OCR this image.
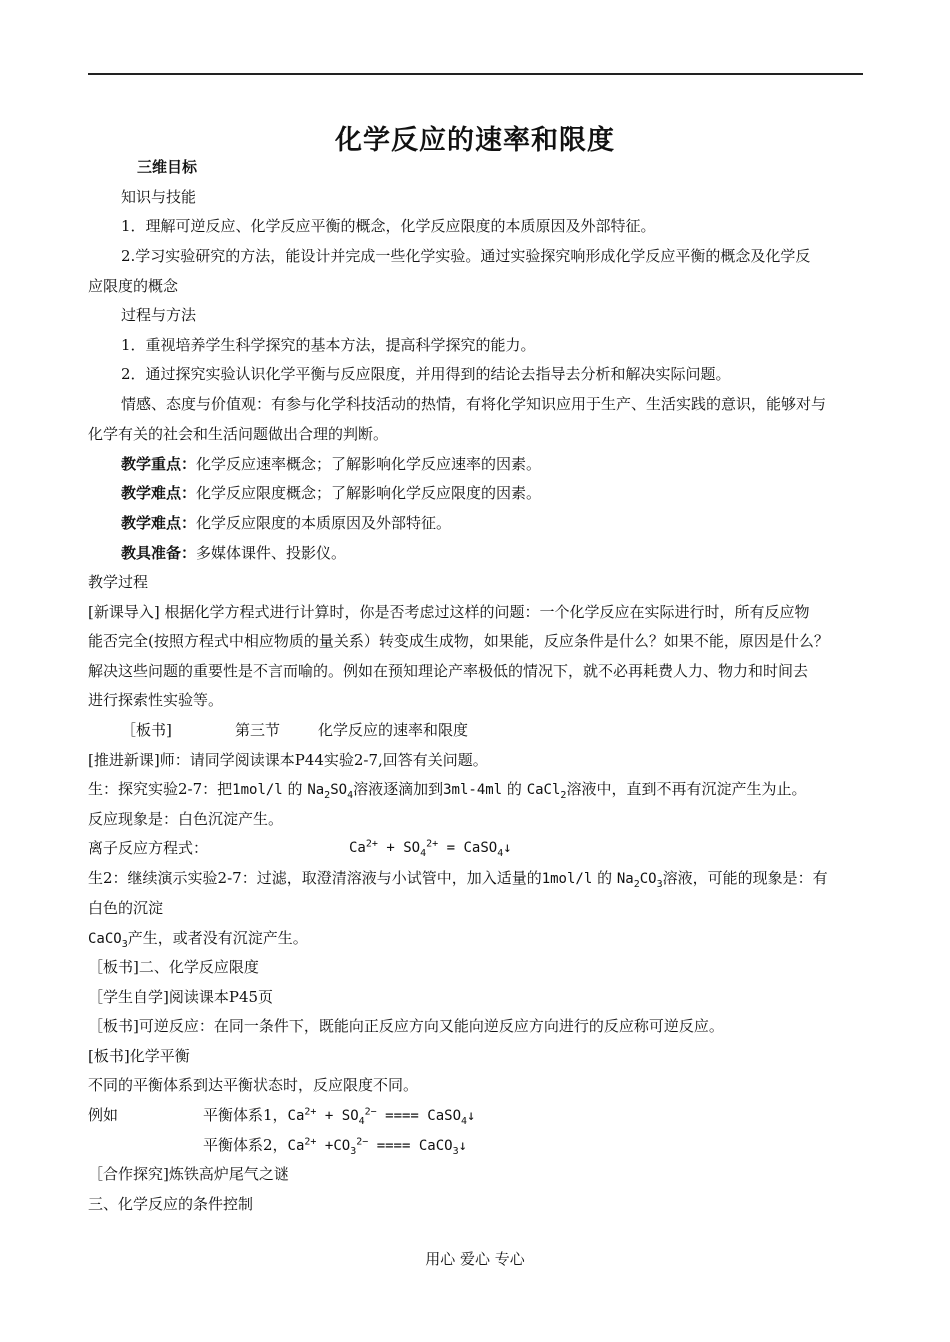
化学反应的速率和限度
三维目标
知识与技能
1．理解可逆反应、化学反应平衡的概念，化学反应限度的本质原因及外部特征。
2.学习实验研究的方法，能设计并完成一些化学实验。通过实验探究响形成化学反应平衡的概念及化学反
应限度的概念
过程与方法
1．重视培养学生科学探究的基本方法，提高科学探究的能力。
2．通过探究实验认识化学平衡与反应限度，并用得到的结论去指导去分析和解决实际问题。
情感、态度与价值观：有参与化学科技活动的热情，有将化学知识应用于生产、生活实践的意识，能够对与
化学有关的社会和生活问题做出合理的判断。
教学重点：化学反应速率概念；了解影响化学反应速率的因素。
教学难点：化学反应限度概念；了解影响化学反应限度的因素。
教学难点：化学反应限度的本质原因及外部特征。
教具准备：多媒体课件、投影仪。
教学过程
[新课导入] 根据化学方程式进行计算时，你是否考虑过这样的问题：一个化学反应在实际进行时，所有反应物
能否完全(按照方程式中相应物质的量关系）转变成生成物，如果能，反应条件是什么？如果不能，原因是什么？
解决这些问题的重要性是不言而喻的。例如在预知理论产率极低的情况下，就不必再耗费人力、物力和时间去
进行探索性实验等。
［板书]	第三节	化学反应的速率和限度
[推进新课]师：请同学阅读课本P44实验2-7,回答有关问题。
生：探究实验2-7：把1mol/l 的 $Na_2SO_4$溶液逐滴加到3ml-4ml 的 CaCl$_2$溶液中，直到不再有沉淀产生为止。
反应现象是：白色沉淀产生。
离子反应方程式：	$Ca^{2+} + SO_4^{2+}$ = CaSO$_4$↓
生2：继续演示实验2-7：过滤，取澄清溶液与小试管中，加入适量的1mol/l 的 $Na_2CO_3$溶液，可能的现象是：有
白色的沉淀
CaCO$_3$产生，或者没有沉淀产生。
［板书]二、化学反应限度
［学生自学]阅读课本P45页
［板书]可逆反应：在同一条件下，既能向正反应方向又能向逆反应方向进行的反应称可逆反应。
[板书]化学平衡
不同的平衡体系到达平衡状态时，反应限度不同。
例如	平衡体系1，$Ca^{2+} + SO_4^{2-}$ ==== CaSO$_4$↓
平衡体系2，$Ca^{2+} +CO_3^{2-}$ ==== CaCO$_3$↓
［合作探究]炼铁高炉尾气之谜
三、化学反应的条件控制
用心 爱心 专心
